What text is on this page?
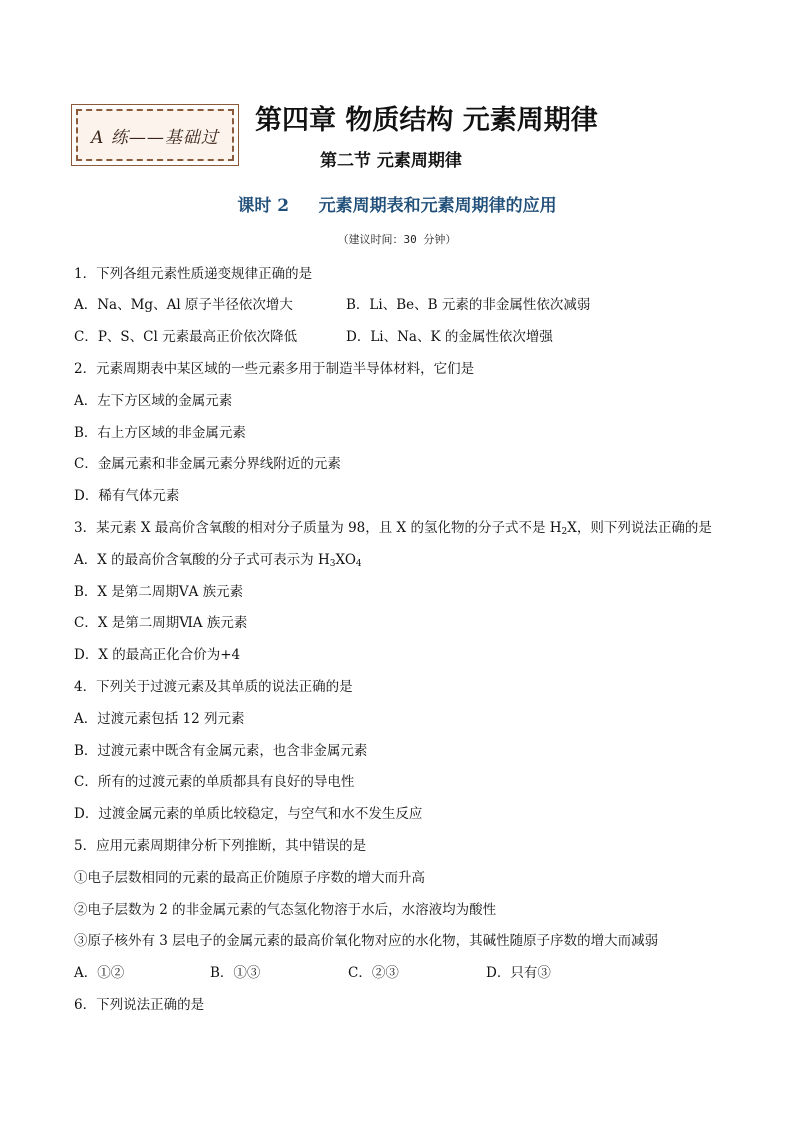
A 练——基础过
第四章 物质结构 元素周期律
第二节 元素周期律
课时 2     元素周期表和元素周期律的应用
（建议时间：30 分钟）
1．下列各组元素性质递变规律正确的是
A．Na、Mg、Al 原子半径依次增大	B．Li、Be、B 元素的非金属性依次减弱
C．P、S、Cl 元素最高正价依次降低	D．Li、Na、K 的金属性依次增强
2．元素周期表中某区域的一些元素多用于制造半导体材料，它们是
A．左下方区域的金属元素
B．右上方区域的非金属元素
C．金属元素和非金属元素分界线附近的元素
D．稀有气体元素
3．某元素 X 最高价含氧酸的相对分子质量为 98，且 X 的氢化物的分子式不是 $H_2X$，则下列说法正确的是
A．X 的最高价含氧酸的分子式可表示为 $H_3XO_4$
B．X 是第二周期ⅤA 族元素
C．X 是第二周期ⅥA 族元素
D．X 的最高正化合价为+4
4．下列关于过渡元素及其单质的说法正确的是
A．过渡元素包括 12 列元素
B．过渡元素中既含有金属元素，也含非金属元素
C．所有的过渡元素的单质都具有良好的导电性
D．过渡金属元素的单质比较稳定，与空气和水不发生反应
5．应用元素周期律分析下列推断，其中错误的是
①电子层数相同的元素的最高正价随原子序数的增大而升高
②电子层数为 2 的非金属元素的气态氢化物溶于水后，水溶液均为酸性
③原子核外有 3 层电子的金属元素的最高价氧化物对应的水化物，其碱性随原子序数的增大而减弱
A．①②	B．①③	C．②③	D．只有③
6．下列说法正确的是
